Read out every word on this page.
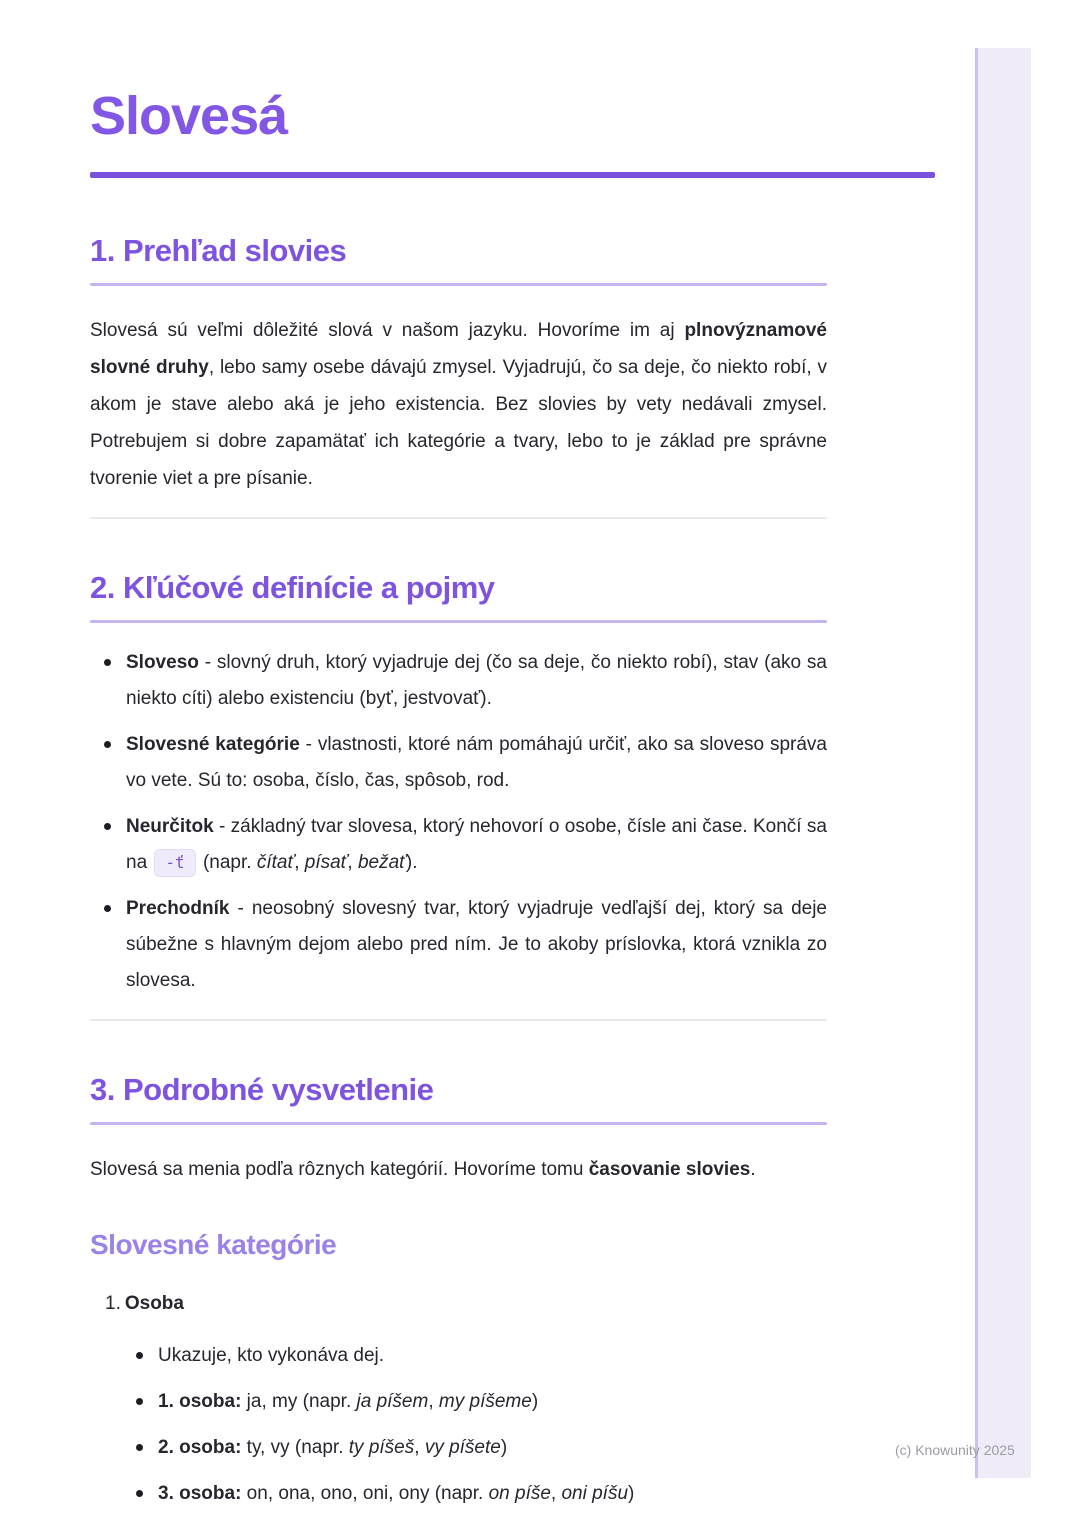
Slovesá
1. Prehľad slovies

Slovesá sú veľmi dôležité slová v našom jazyku. Hovoríme im aj plnovýznamové slovné druhy, lebo samy osebe dávajú zmysel. Vyjadrujú, čo sa deje, čo niekto robí, v akom je stave alebo aká je jeho existencia. Bez slovies by vety nedávali zmysel. Potrebujem si dobre zapamätať ich kategórie a tvary, lebo to je základ pre správne tvorenie viet a pre písanie.

2. Kľúčové definície a pojmy
Sloveso - slovný druh, ktorý vyjadruje dej (čo sa deje, čo niekto robí), stav (ako sa niekto cíti) alebo existenciu (byť, jestvovať).
Slovesné kategórie - vlastnosti, ktoré nám pomáhajú určiť, ako sa sloveso správa vo vete. Sú to: osoba, číslo, čas, spôsob, rod.
Neurčitok - základný tvar slovesa, ktorý nehovorí o osobe, čísle ani čase. Končí sa na -ť (napr. čítať, písať, bežať).
Prechodník - neosobný slovesný tvar, ktorý vyjadruje vedľajší dej, ktorý sa deje súbežne s hlavným dejom alebo pred ním. Je to akoby príslovka, ktorá vznikla zo slovesa.
3. Podrobné vysvetlenie

Slovesá sa menia podľa rôznych kategórií. Hovoríme tomu časovanie slovies.

Slovesné kategórie
1. Osoba
Ukazuje, kto vykonáva dej.
1. osoba: ja, my (napr. ja píšem, my píšeme)
2. osoba: ty, vy (napr. ty píšeš, vy píšete)
3. osoba: on, ona, ono, oni, ony (napr. on píše, oni píšu)
(c) Knowunity 2025
